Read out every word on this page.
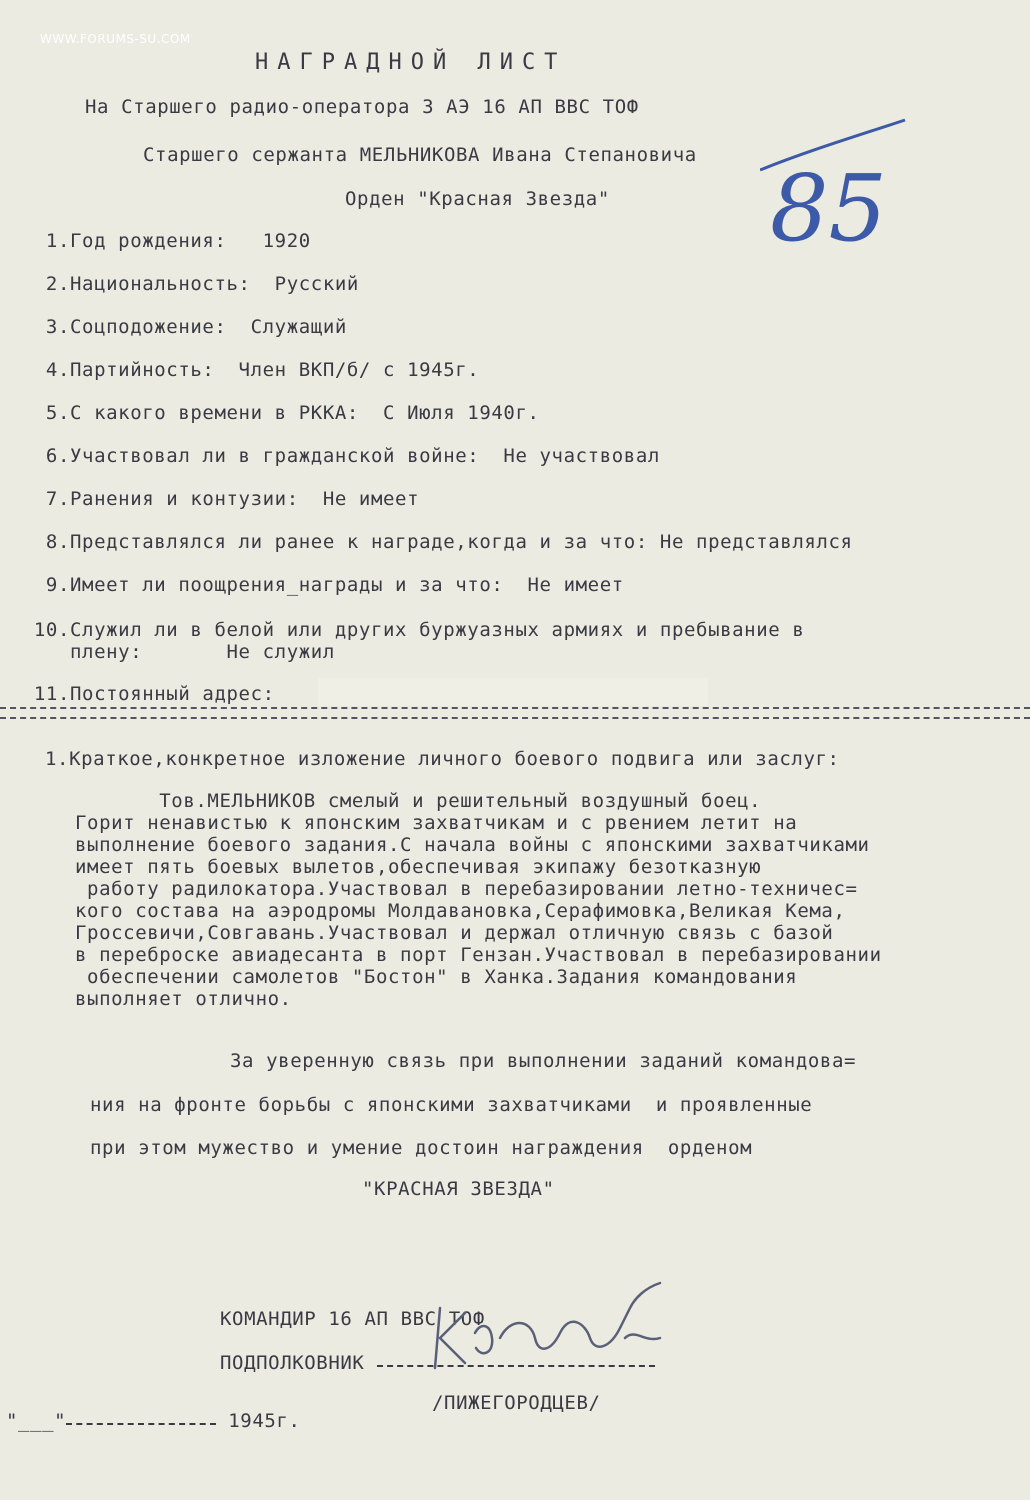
WWW.FORUMS-SU.COM
НАГРАДНОЙ ЛИСТ
На Старшего радио-оператора 3 АЭ 16 АП ВВС ТОФ
Старшего сержанта МЕЛЬНИКОВА Ивана Степановича
Орден "Красная Звезда" 85
1.Год рождения:   1920
2.Национальность:  Русский
3.Соцподожение:  Служащий
4.Партийность:  Член ВКП/б/ с 1945г.
5.С какого времени в РККА:  С Июля 1940г.
6.Участвовал ли в гражданской войне:  Не участвовал
7.Ранения и контузии:  Не имеет
8.Представлялся ли ранее к награде,когда и за что: Не представлялся
9.Имеет ли поощрения_награды и за что:  Не имеет
10.Служил ли в белой или других буржуазных армиях и пребывание в
плену:       Не служил
11.Постоянный адрес:
1.Краткое,конкретное изложение личного боевого подвига или заслуг:
Тов.МЕЛЬНИКОВ смелый и решительный воздушный боец.
Горит ненавистью к японским захватчикам и с рвением летит на
выполнение боевого задания.С начала войны с японскими захватчиками
имеет пять боевых вылетов,обеспечивая экипажу безотказную
работу радилокатора.Участвовал в перебазировании летно-техничес=
кого состава на аэродромы Молдавановка,Серафимовка,Великая Кема,
Гроссевичи,Совгавань.Участвовал и держал отличную связь с базой
в переброске авиадесанта в порт Гензан.Участвовал в перебазировании
обеспечении самолетов "Бостон" в Ханка.Задания командования
выполняет отлично.
За уверенную связь при выполнении заданий командова=
ния на фронте борьбы с японскими захватчиками  и проявленные
при этом мужество и умение достоин награждения  орденом
"КРАСНАЯ ЗВЕЗДА"
КОМАНДИР 16 АП ВВС ТОФ
ПОДПОЛКОВНИК
/ПИЖЕГОРОДЦЕВ/
"___"	1945г.
